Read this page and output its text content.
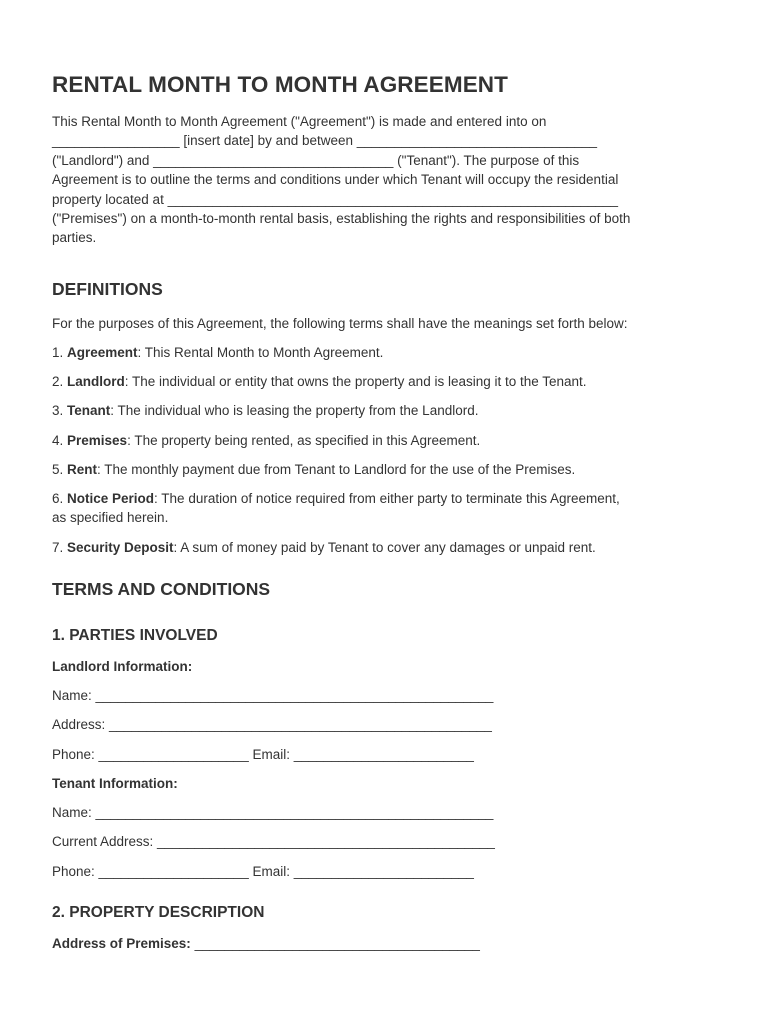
RENTAL MONTH TO MONTH AGREEMENT
This Rental Month to Month Agreement ("Agreement") is made and entered into on
_________________ [insert date] by and between ________________________________
("Landlord") and ________________________________ ("Tenant"). The purpose of this
Agreement is to outline the terms and conditions under which Tenant will occupy the residential
property located at ____________________________________________________________
("Premises") on a month-to-month rental basis, establishing the rights and responsibilities of both
parties.
DEFINITIONS

For the purposes of this Agreement, the following terms shall have the meanings set forth below:

1. Agreement: This Rental Month to Month Agreement.

2. Landlord: The individual or entity that owns the property and is leasing it to the Tenant.

3. Tenant: The individual who is leasing the property from the Landlord.

4. Premises: The property being rented, as specified in this Agreement.

5. Rent: The monthly payment due from Tenant to Landlord for the use of the Premises.

6. Notice Period: The duration of notice required from either party to terminate this Agreement,
as specified herein.

7. Security Deposit: A sum of money paid by Tenant to cover any damages or unpaid rent.

TERMS AND CONDITIONS
1. PARTIES INVOLVED

Landlord Information:

Name: _____________________________________________________

Address: ___________________________________________________

Phone: ____________________ Email: ________________________

Tenant Information:

Name: _____________________________________________________

Current Address: _____________________________________________

Phone: ____________________ Email: ________________________

2. PROPERTY DESCRIPTION

Address of Premises: ______________________________________
